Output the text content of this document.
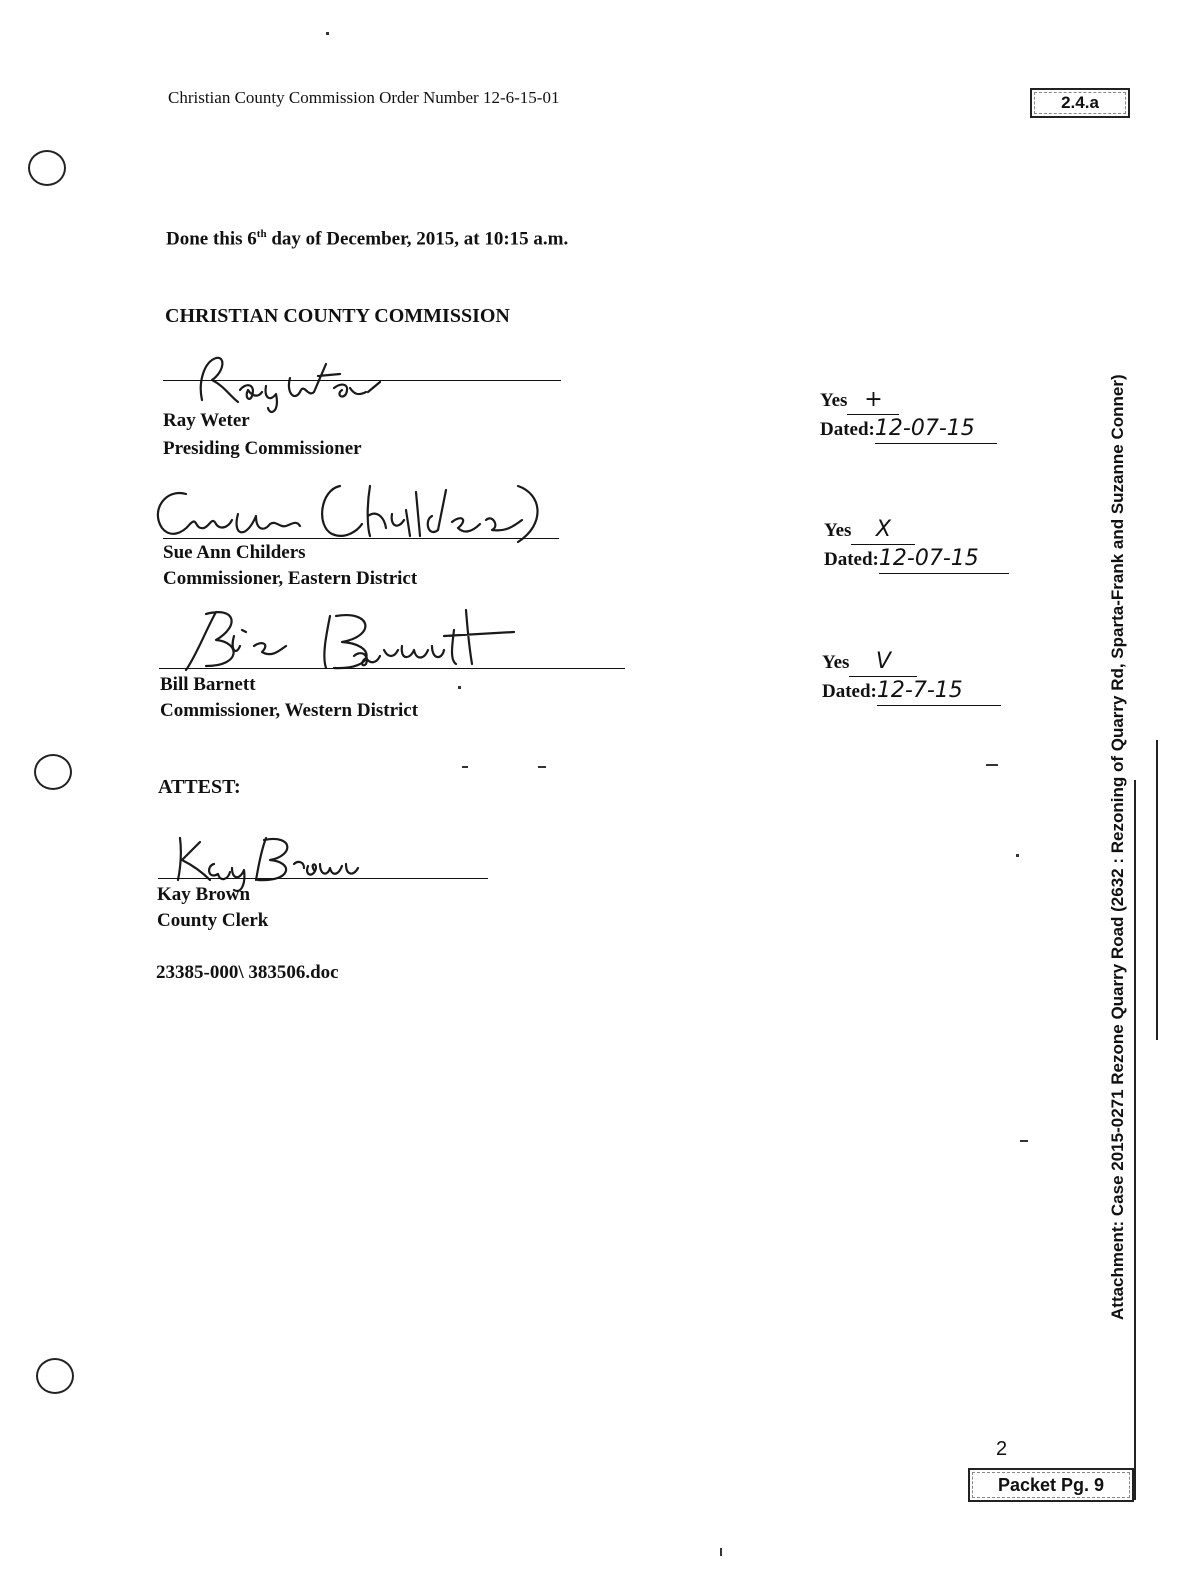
Christian County Commission Order Number 12-6-15-01	2.4.a
Done this 6th day of December, 2015, at 10:15 a.m.
CHRISTIAN COUNTY COMMISSION
Ray Weter
Presiding Commissioner
Yes +
Dated:12-07-15
Sue Ann Childers
Commissioner, Eastern District
Yes X
Dated:12-07-15
Bill Barnett
Commissioner, Western District
Yes V
Dated:12-7-15
ATTEST:
Kay Brown
County Clerk
23385-000\ 383506.doc	Attachment: Case 2015-0271 Rezone Quarry Road (2632 : Rezoning of Quarry Rd, Sparta-Frank and Suzanne Conner)
2
Packet Pg. 9
